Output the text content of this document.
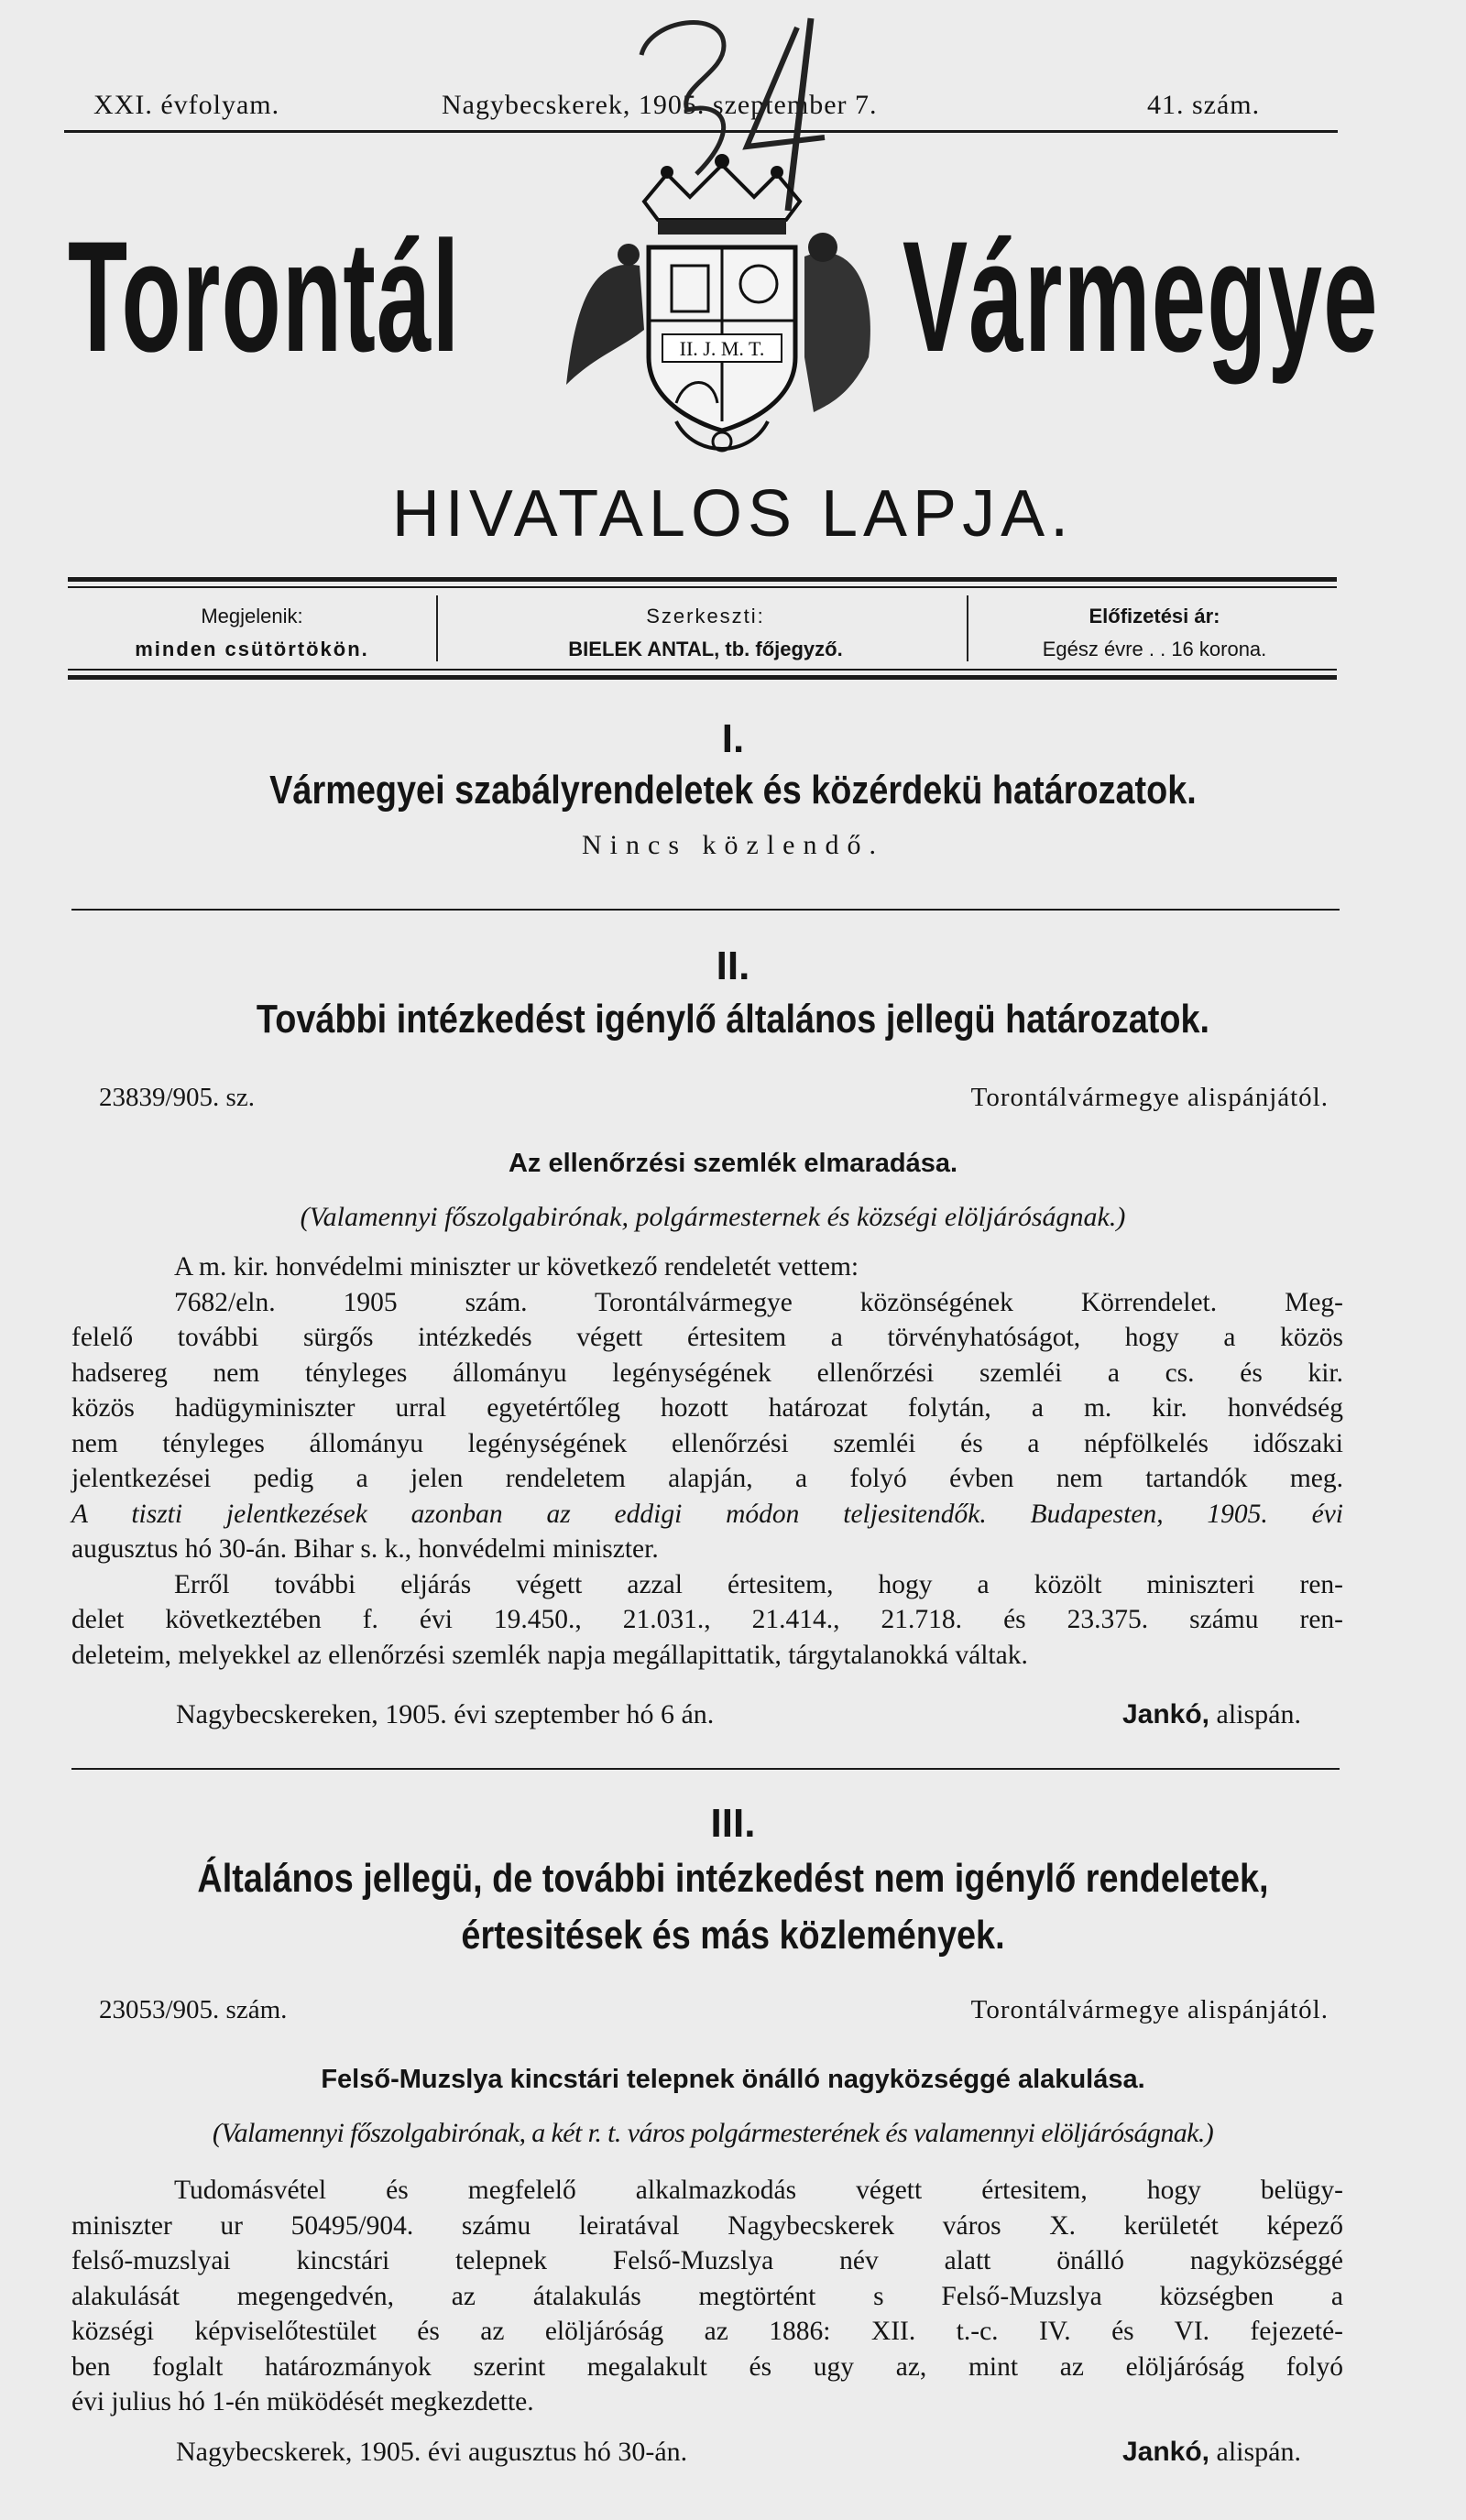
XXI. évfolyam.	Nagybecskerek, 1905. szeptember 7.	41. szám.
Torontál	Vármegye
II. J. M. T.
HIVATALOS LAPJA.
Megjelenik:
minden csütörtökön.
Szerkeszti:
BIELEK ANTAL, tb. főjegyző.
Előfizetési ár:
Egész évre . . 16 korona.
I.
Vármegyei szabályrendeletek és közérdekü határozatok.
Nincs közlendő.
II.
További intézkedést igénylő általános jellegü határozatok.
23839/905. sz.	Torontálvármegye alispánjától.
Az ellenőrzési szemlék elmaradása.
(Valamennyi főszolgabirónak, polgármesternek és községi elöljáróságnak.)

A m. kir. honvédelmi miniszter ur következő rendeletét vettem:

7682/eln. 1905 szám. Torontálvármegye közönségének Körrendelet. Meg-

felelő további sürgős intézkedés végett értesitem a törvényhatóságot, hogy a közös

hadsereg nem tényleges állományu legénységének ellenőrzési szemléi a cs. és kir.

közös hadügyminiszter urral egyetértőleg hozott határozat folytán, a m. kir. honvédség

nem tényleges állományu legénységének ellenőrzési szemléi és a népfölkelés időszaki

jelentkezései pedig a jelen rendeletem alapján, a folyó évben nem tartandók meg.

A tiszti jelentkezések azonban az eddigi módon teljesitendők. Budapesten, 1905. évi

augusztus hó 30-án. Bihar s. k., honvédelmi miniszter.

Erről további eljárás végett azzal értesitem, hogy a közölt miniszteri ren-

delet következtében f. évi 19.450., 21.031., 21.414., 21.718. és 23.375. számu ren-

deleteim, melyekkel az ellenőrzési szemlék napja megállapittatik, tárgytalanokká váltak.

Nagybecskereken, 1905. évi szeptember hó 6 án.	Jankó, alispán.
III.
Általános jellegü, de további intézkedést nem igénylő rendeletek,
értesitések és más közlemények.
23053/905. szám.	Torontálvármegye alispánjától.
Felső-Muzslya kincstári telepnek önálló nagyközséggé alakulása.
(Valamennyi főszolgabirónak, a két r. t. város polgármesterének és valamennyi elöljáróságnak.)

Tudomásvétel és megfelelő alkalmazkodás végett értesitem, hogy belügy-

miniszter ur 50495/904. számu leiratával Nagybecskerek város X. kerületét képező

felső-muzslyai kincstári telepnek Felső-Muzslya név alatt önálló nagyközséggé

alakulását megengedvén, az átalakulás megtörtént s Felső-Muzslya községben a

községi képviselőtestület és az elöljáróság az 1886: XII. t.-c. IV. és VI. fejezeté-

ben foglalt határozmányok szerint megalakult és ugy az, mint az elöljáróság folyó

évi julius hó 1-én müködését megkezdette.

Nagybecskerek, 1905. évi augusztus hó 30-án.	Jankó, alispán.
